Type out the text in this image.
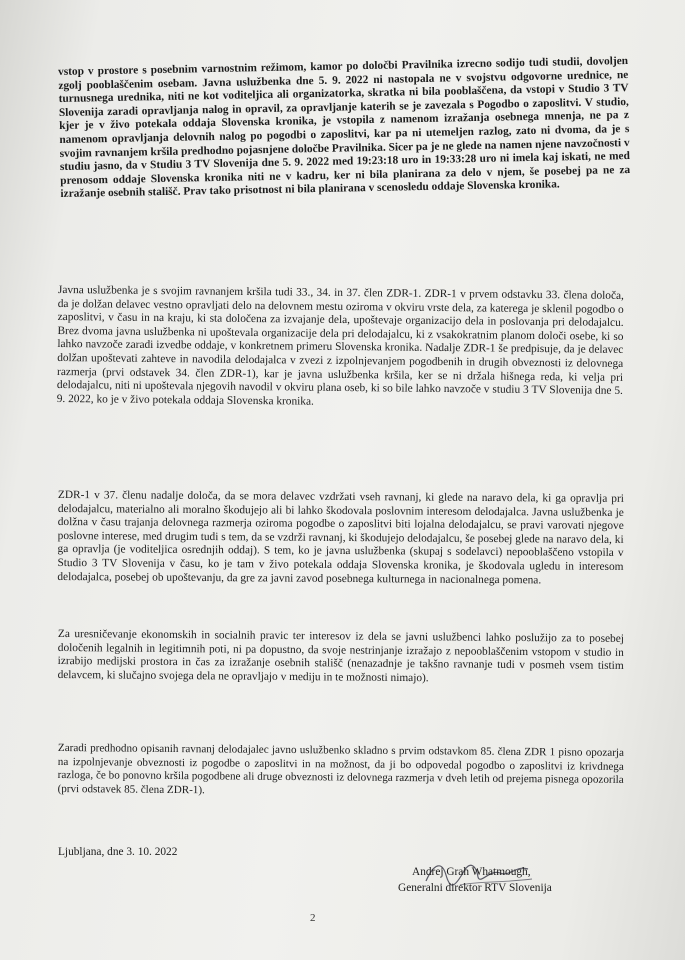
vstop v prostore s posebnim varnostnim režimom, kamor po določbi Pravilnika izrecno sodijo tudi studii, dovoljen zgolj pooblaščenim osebam. Javna uslužbenka dne 5. 9. 2022 ni nastopala ne v svojstvu odgovorne urednice, ne turnusnega urednika, niti ne kot voditeljica ali organizatorka, skratka ni bila pooblaščena, da vstopi v Studio 3 TV Slovenija zaradi opravljanja nalog in opravil, za opravljanje katerih se je zavezala s Pogodbo o zaposlitvi. V studio, kjer je v živo potekala oddaja Slovenska kronika, je vstopila z namenom izražanja osebnega mnenja, ne pa z namenom opravljanja delovnih nalog po pogodbi o zaposlitvi, kar pa ni utemeljen razlog, zato ni dvoma, da je s svojim ravnanjem kršila predhodno pojasnjene določbe Pravilnika. Sicer pa je ne glede na namen njene navzočnosti v studiu jasno, da v Studiu 3 TV Slovenija dne 5. 9. 2022 med 19:23:18 uro in 19:33:28 uro ni imela kaj iskati, ne med prenosom oddaje Slovenska kronika niti ne v kadru, ker ni bila planirana za delo v njem, še posebej pa ne za izražanje osebnih stališč. Prav tako prisotnost ni bila planirana v scenosledu oddaje Slovenska kronika.

Javna uslužbenka je s svojim ravnanjem kršila tudi 33., 34. in 37. člen ZDR-1. ZDR-1 v prvem odstavku 33. člena določa, da je dolžan delavec vestno opravljati delo na delovnem mestu oziroma v okviru vrste dela, za katerega je sklenil pogodbo o zaposlitvi, v času in na kraju, ki sta določena za izvajanje dela, upoštevaje organizacijo dela in poslovanja pri delodajalcu. Brez dvoma javna uslužbenka ni upoštevala organizacije dela pri delodajalcu, ki z vsakokratnim planom določi osebe, ki so lahko navzoče zaradi izvedbe oddaje, v konkretnem primeru Slovenska kronika. Nadalje ZDR-1 še predpisuje, da je delavec dolžan upoštevati zahteve in navodila delodajalca v zvezi z izpolnjevanjem pogodbenih in drugih obveznosti iz delovnega razmerja (prvi odstavek 34. člen ZDR-1), kar je javna uslužbenka kršila, ker se ni držala hišnega reda, ki velja pri delodajalcu, niti ni upoštevala njegovih navodil v okviru plana oseb, ki so bile lahko navzoče v studiu 3 TV Slovenija dne 5. 9. 2022, ko je v živo potekala oddaja Slovenska kronika.

ZDR-1 v 37. členu nadalje določa, da se mora delavec vzdržati vseh ravnanj, ki glede na naravo dela, ki ga opravlja pri delodajalcu, materialno ali moralno škodujejo ali bi lahko škodovala poslovnim interesom delodajalca. Javna uslužbenka je dolžna v času trajanja delovnega razmerja oziroma pogodbe o zaposlitvi biti lojalna delodajalcu, se pravi varovati njegove poslovne interese, med drugim tudi s tem, da se vzdrži ravnanj, ki škodujejo delodajalcu, še posebej glede na naravo dela, ki ga opravlja (je voditeljica osrednjih oddaj). S tem, ko je javna uslužbenka (skupaj s sodelavci) nepooblaščeno vstopila v Studio 3 TV Slovenija v času, ko je tam v živo potekala oddaja Slovenska kronika, je škodovala ugledu in interesom delodajalca, posebej ob upoštevanju, da gre za javni zavod posebnega kulturnega in nacionalnega pomena.

Za uresničevanje ekonomskih in socialnih pravic ter interesov iz dela se javni uslužbenci lahko poslužijo za to posebej določenih legalnih in legitimnih poti, ni pa dopustno, da svoje nestrinjanje izražajo z nepooblaščenim vstopom v studio in izrabijo medijski prostora in čas za izražanje osebnih stališč (nenazadnje je takšno ravnanje tudi v posmeh vsem tistim delavcem, ki slučajno svojega dela ne opravljajo v mediju in te možnosti nimajo).

Zaradi predhodno opisanih ravnanj delodajalec javno uslužbenko skladno s prvim odstavkom 85. člena ZDR 1 pisno opozarja na izpolnjevanje obveznosti iz pogodbe o zaposlitvi in na možnost, da ji bo odpovedal pogodbo o zaposlitvi iz krivdnega razloga, če bo ponovno kršila pogodbene ali druge obveznosti iz delovnega razmerja v dveh letih od prejema pisnega opozorila (prvi odstavek 85. člena ZDR-1).

Ljubljana, dne 3. 10. 2022
Andrej Grah Whatmough,
Generalni direktor RTV Slovenija
2
